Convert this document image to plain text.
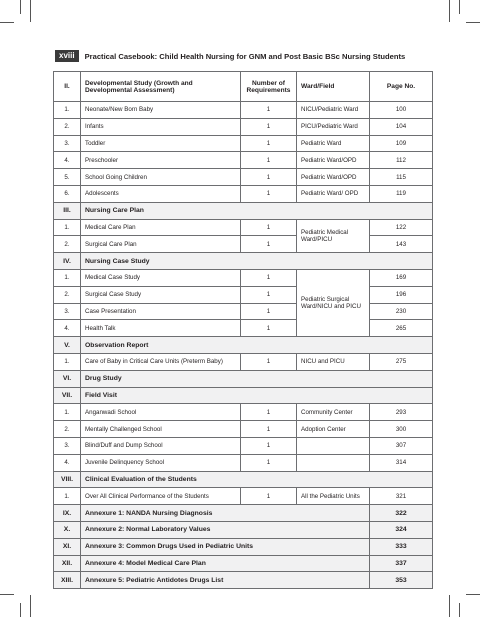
xviii	Practical Casebook: Child Health Nursing for GNM and Post Basic BSc Nursing Students
II.	Developmental Study (Growth and Developmental Assessment)	Number of Requirements	Ward/Field	Page No.
1.	Neonate/New Born Baby	1	NICU/Pediatric Ward	100
2.	Infants	1	PICU/Pediatric Ward	104
3.	Toddler	1	Pediatric Ward	109
4.	Preschooler	1	Pediatric Ward/OPD	112
5.	School Going Children	1	Pediatric Ward/OPD	115
6.	Adolescents	1	Pediatric Ward/ OPD	119
III.	Nursing Care Plan			
1.	Medical Care Plan	1	Pediatric Medical Ward/PICU	122
2.	Surgical Care Plan	1		143
IV.	Nursing Case Study			
1.	Medical Case Study	1	Pediatric Surgical Ward/NICU and PICU	169
2.	Surgical Case Study	1		196
3.	Case Presentation	1		230
4.	Health Talk	1		265
V.	Observation Report			
1.	Care of Baby in Critical Care Units (Preterm Baby)	1	NICU and PICU	275
VI.	Drug Study			
VII.	Field Visit			
1.	Anganwadi School	1	Community Center	293
2.	Mentally Challenged School	1	Adoption Center	300
3.	Blind/Duff and Dump School	1		307
4.	Juvenile Delinquency School	1		314
VIII.	Clinical Evaluation of the Students			
1.	Over All Clinical Performance of the Students	1	All the Pediatric Units	321
IX.	Annexure 1: NANDA Nursing Diagnosis			322
X.	Annexure 2: Normal Laboratory Values			324
XI.	Annexure 3: Common Drugs Used in Pediatric Units			333
XII.	Annexure 4: Model Medical Care Plan			337
XIII.	Annexure 5: Pediatric Antidotes Drugs List			353
